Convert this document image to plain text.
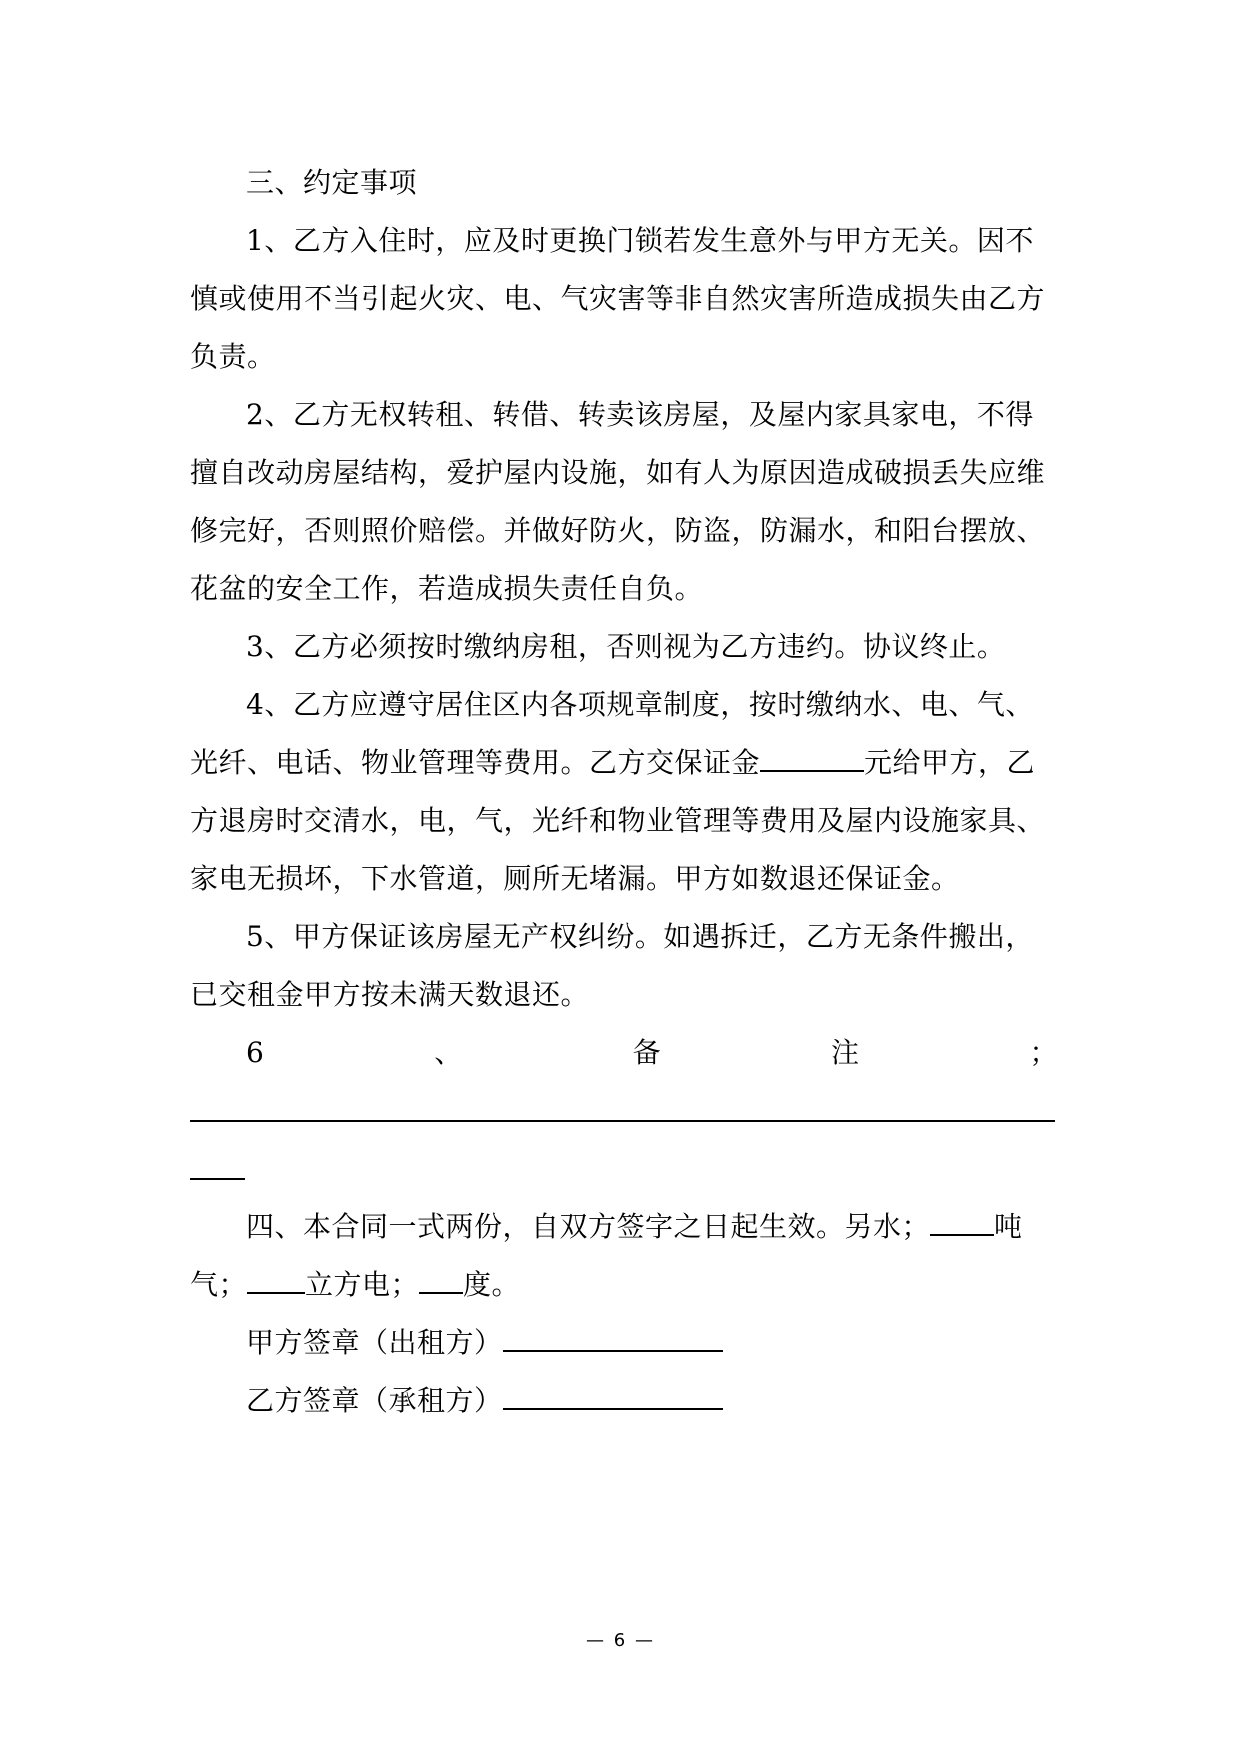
三、约定事项
1、乙方入住时，应及时更换门锁若发生意外与甲方无关。因不
慎或使用不当引起火灾、电、气灾害等非自然灾害所造成损失由乙方
负责。
2、乙方无权转租、转借、转卖该房屋，及屋内家具家电，不得
擅自改动房屋结构，爱护屋内设施，如有人为原因造成破损丢失应维
修完好，否则照价赔偿。并做好防火，防盗，防漏水，和阳台摆放、
花盆的安全工作，若造成损失责任自负。
3、乙方必须按时缴纳房租，否则视为乙方违约。协议终止。
4、乙方应遵守居住区内各项规章制度，按时缴纳水、电、气、
光纤、电话、物业管理等费用。乙方交保证金	元给甲方，乙
方退房时交清水，电，气，光纤和物业管理等费用及屋内设施家具、
家电无损坏，下水管道，厕所无堵漏。甲方如数退还保证金。
5、甲方保证该房屋无产权纠纷。如遇拆迁，乙方无条件搬出，
已交租金甲方按未满天数退还。
6	、	备	注	；
四、本合同一式两份，自双方签字之日起生效。另水； 吨
气； 立方电； 度。
甲方签章（出租方）
乙方签章（承租方）
— 6 —
